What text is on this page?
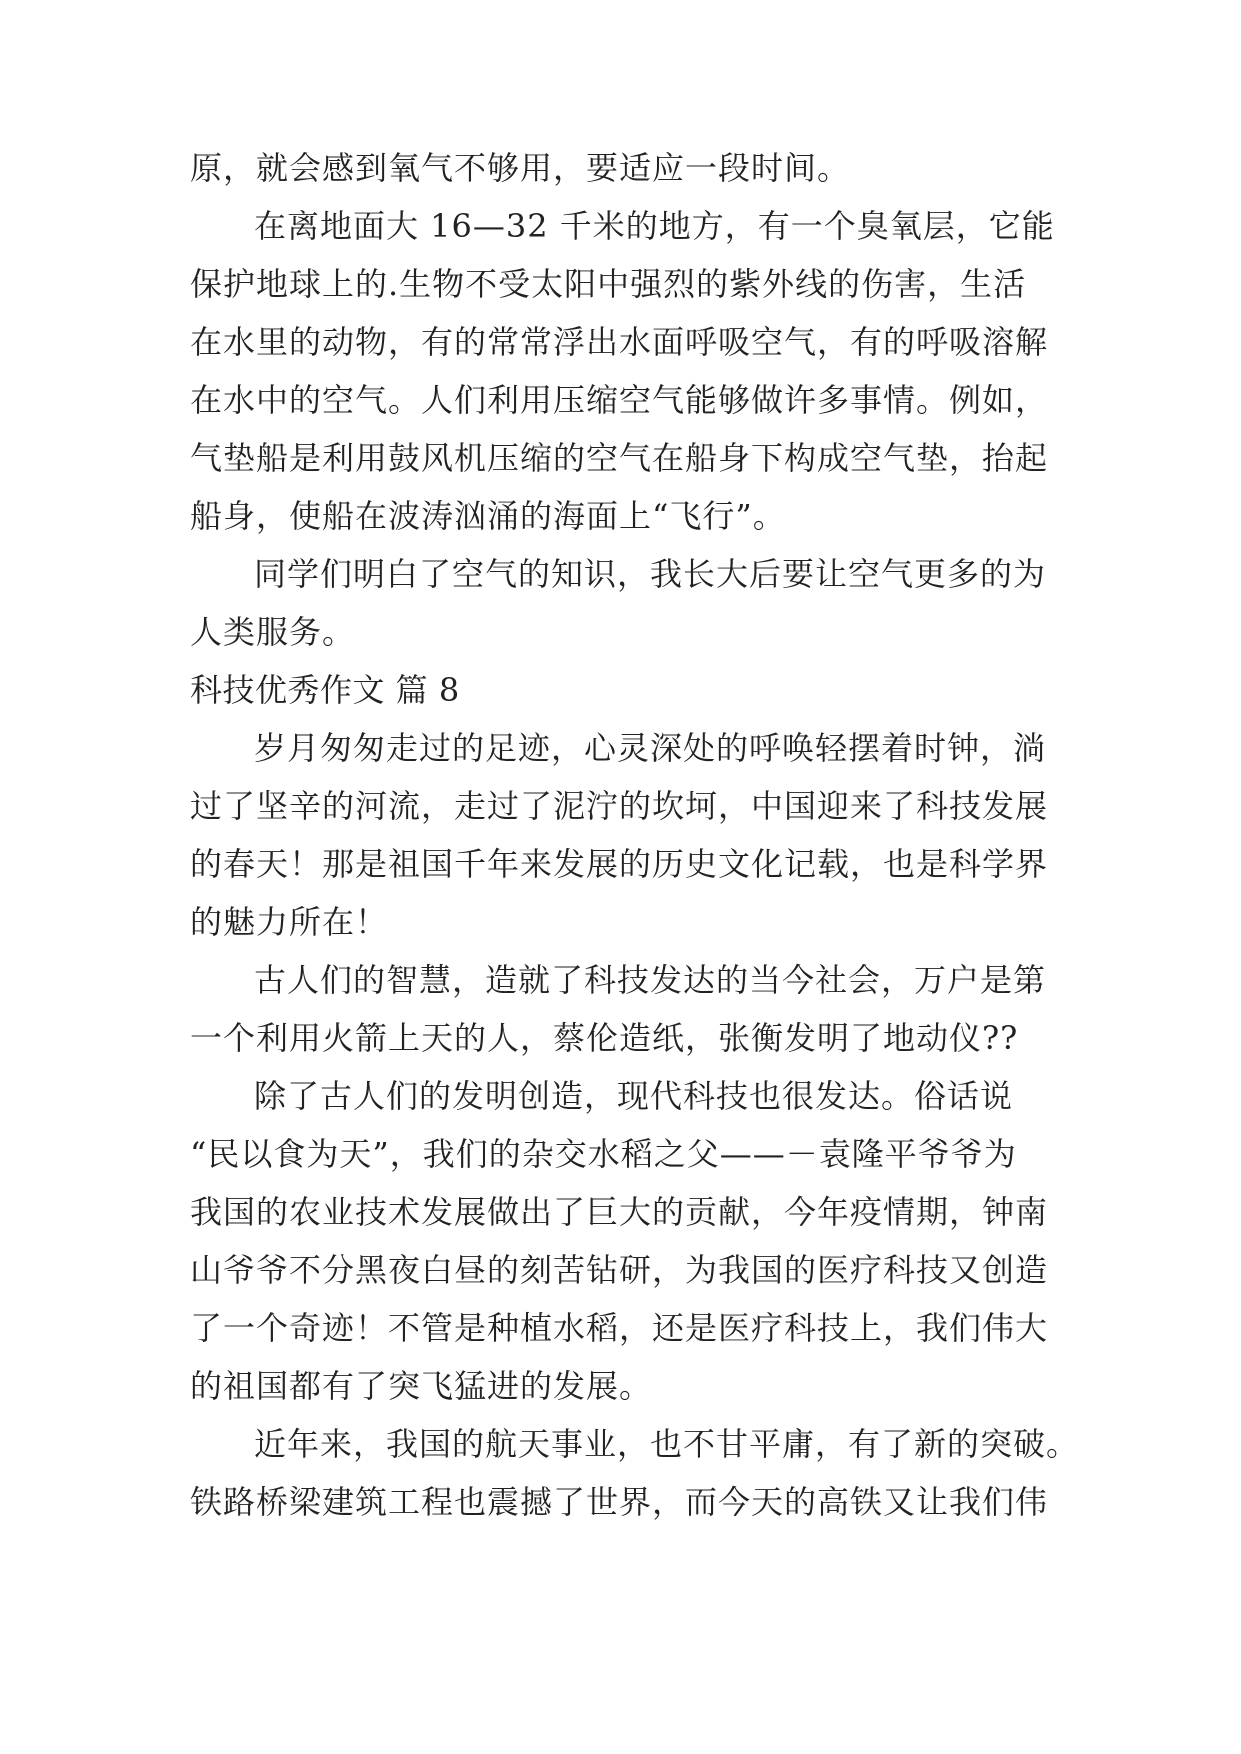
原，就会感到氧气不够用，要适应一段时间。
在离地面大 16—32 千米的地方，有一个臭氧层，它能
保护地球上的.生物不受太阳中强烈的紫外线的伤害，生活
在水里的动物，有的常常浮出水面呼吸空气，有的呼吸溶解
在水中的空气。人们利用压缩空气能够做许多事情。例如，
气垫船是利用鼓风机压缩的空气在船身下构成空气垫，抬起
船身，使船在波涛汹涌的海面上“飞行”。
同学们明白了空气的知识，我长大后要让空气更多的为
人类服务。
科技优秀作文 篇 8
岁月匆匆走过的足迹，心灵深处的呼唤轻摆着时钟，淌
过了坚辛的河流，走过了泥泞的坎坷，中国迎来了科技发展
的春天！那是祖国千年来发展的历史文化记载，也是科学界
的魅力所在！
古人们的智慧，造就了科技发达的当今社会，万户是第
一个利用火箭上天的人，蔡伦造纸，张衡发明了地动仪??
除了古人们的发明创造，现代科技也很发达。俗话说
“民以食为天”，我们的杂交水稻之父——－袁隆平爷爷为
我国的农业技术发展做出了巨大的贡献，今年疫情期，钟南
山爷爷不分黑夜白昼的刻苦钻研，为我国的医疗科技又创造
了一个奇迹！不管是种植水稻，还是医疗科技上，我们伟大
的祖国都有了突飞猛进的发展。
近年来，我国的航天事业，也不甘平庸，有了新的突破。
铁路桥梁建筑工程也震撼了世界，而今天的高铁又让我们伟
